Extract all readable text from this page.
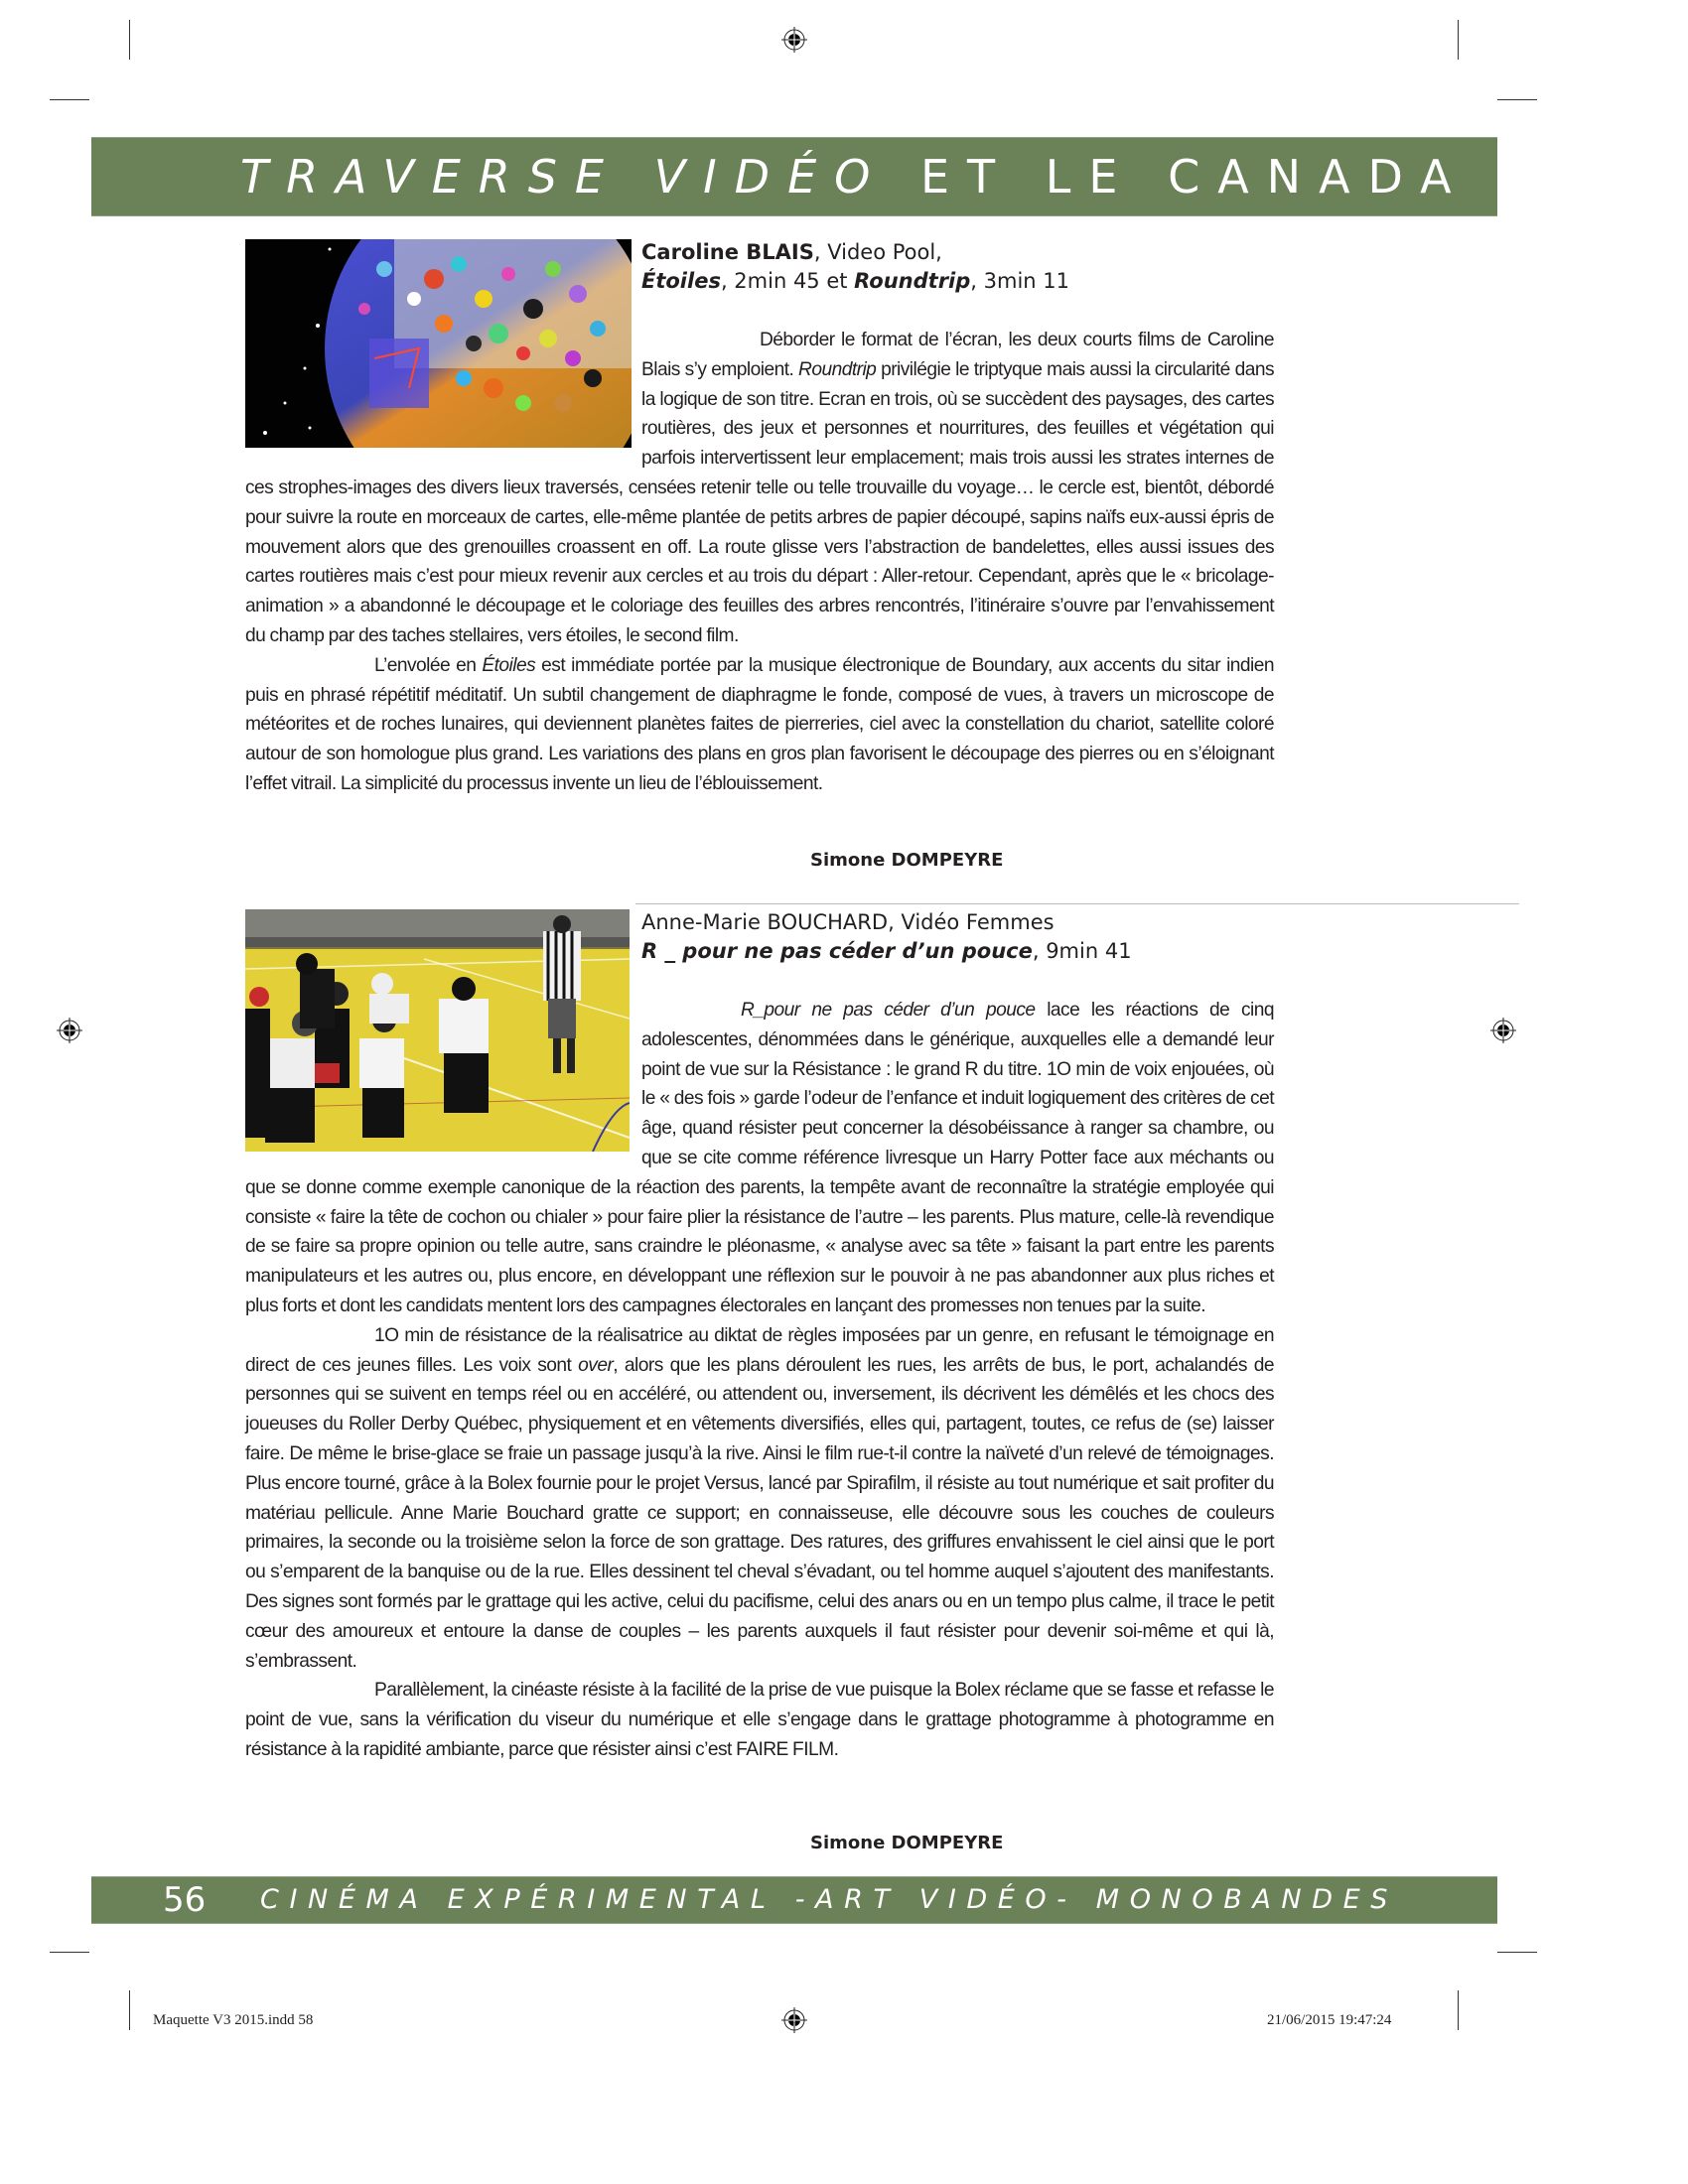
TRAVERSE VIDÉO ET LE CANADA
Caroline BLAIS, Video Pool,
Étoiles, 2min 45 et Roundtrip, 3min 11

Déborder le format de l’écran, les deux courts films de Caroline Blais s’y emploient. Roundtrip privilégie le triptyque mais aussi la circularité dans la logique de son titre. Ecran en trois, où se succèdent des paysages, des cartes routières, des jeux et personnes et nourritures, des feuilles et végétation qui parfois intervertissent leur emplacement; mais trois aussi les strates internes de ces strophes-images des divers lieux traversés, censées retenir telle ou telle trouvaille du voyage… le cercle est, bientôt, débordé pour suivre la route en morceaux de cartes, elle-même plantée de petits arbres de papier découpé, sapins naïfs eux-aussi épris de mouvement alors que des grenouilles croassent en off. La route glisse vers l’abstraction de bandelettes, elles aussi issues des cartes routières mais c’est pour mieux revenir aux cercles et au trois du départ : Aller-retour. Cependant, après que le « bricolage-animation » a abandonné le découpage et le coloriage des feuilles des arbres rencontrés, l’itinéraire s’ouvre par l’envahissement du champ par des taches stellaires, vers étoiles, le second film.

L’envolée en Étoiles est immédiate portée par la musique électronique de Boundary, aux accents du sitar indien puis en phrasé répétitif méditatif. Un subtil changement de diaphragme le fonde, composé de vues, à travers un microscope de météorites et de roches lunaires, qui deviennent planètes faites de pierreries, ciel avec la constellation du chariot, satellite coloré autour de son homologue plus grand. Les variations des plans en gros plan favorisent le découpage des pierres ou en s’éloignant l’effet vitrail. La simplicité du processus invente un lieu de l’éblouissement.

Simone DOMPEYRE
Anne-Marie BOUCHARD, Vidéo Femmes
R _ pour ne pas céder d’un pouce, 9min 41

R_pour ne pas céder d’un pouce lace les réactions de cinq adolescentes, dénommées dans le générique, auxquelles elle a demandé leur point de vue sur la Résistance : le grand R du titre. 1O min de voix enjouées, où le « des fois » garde l’odeur de l’enfance et induit logiquement des critères de cet âge, quand résister peut concerner la désobéissance à ranger sa chambre, ou que se cite comme référence livresque un Harry Potter face aux méchants ou que se donne comme exemple canonique de la réaction des parents, la tempête avant de reconnaître la stratégie employée qui consiste « faire la tête de cochon ou chialer » pour faire plier la résistance de l’autre – les parents. Plus mature, celle-là revendique de se faire sa propre opinion ou telle autre, sans craindre le pléonasme, « analyse avec sa tête » faisant la part entre les parents manipulateurs et les autres ou, plus encore, en développant une réflexion sur le pouvoir à ne pas abandonner aux plus riches et plus forts et dont les candidats mentent lors des campagnes électorales en lançant des promesses non tenues par la suite.

1O min de résistance de la réalisatrice au diktat de règles imposées par un genre, en refusant le témoignage en direct de ces jeunes filles. Les voix sont over, alors que les plans déroulent les rues, les arrêts de bus, le port, achalandés de personnes qui se suivent en temps réel ou en accéléré, ou attendent ou, inversement, ils décrivent les démêlés et les chocs des joueuses du Roller Derby Québec, physiquement et en vêtements diversifiés, elles qui, partagent, toutes, ce refus de (se) laisser faire. De même le brise-glace se fraie un passage jusqu’à la rive. Ainsi le film rue-t-il contre la naïveté d’un relevé de témoignages. Plus encore tourné, grâce à la Bolex fournie pour le projet Versus, lancé par Spirafilm, il résiste au tout numérique et sait profiter du matériau pellicule. Anne Marie Bouchard gratte ce support; en connaisseuse, elle découvre sous les couches de couleurs primaires, la seconde ou la troisième selon la force de son grattage. Des ratures, des griffures envahissent le ciel ainsi que le port ou s’emparent de la banquise ou de la rue. Elles dessinent tel cheval s’évadant, ou tel homme auquel s’ajoutent des manifestants. Des signes sont formés par le grattage qui les active, celui du pacifisme, celui des anars ou en un tempo plus calme, il trace le petit cœur des amoureux et entoure la danse de couples – les parents auxquels il faut résister pour devenir soi-même et qui là, s’embrassent.

Parallèlement, la cinéaste résiste à la facilité de la prise de vue puisque la Bolex réclame que se fasse et refasse le point de vue, sans la vérification du viseur du numérique et elle s’engage dans le grattage photogramme à photogramme en résistance à la rapidité ambiante, parce que résister ainsi c’est FAIRE FILM.

Simone DOMPEYRE
56 CINÉMA EXPÉRIMENTAL -ART VIDÉO- MONOBANDES
Maquette V3 2015.indd 58	21/06/2015 19:47:24
